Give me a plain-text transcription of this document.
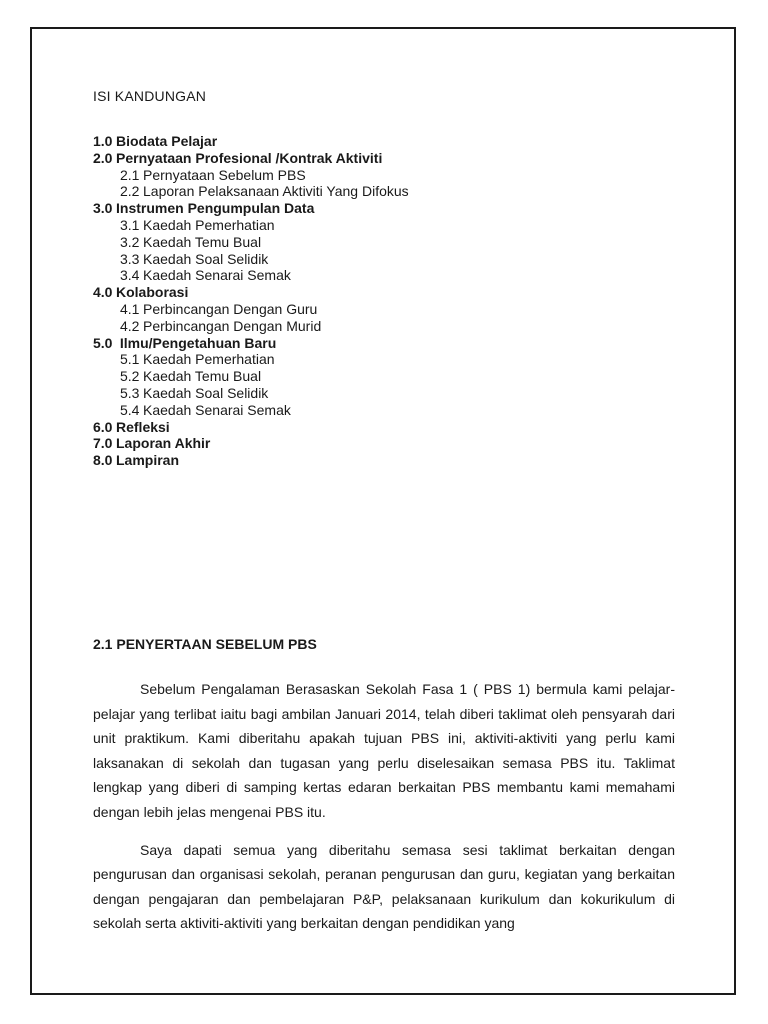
ISI KANDUNGAN
1.0 Biodata Pelajar
2.0 Pernyataan Profesional /Kontrak Aktiviti
2.1 Pernyataan Sebelum PBS
2.2 Laporan Pelaksanaan Aktiviti Yang Difokus
3.0 Instrumen Pengumpulan Data
3.1 Kaedah Pemerhatian
3.2 Kaedah Temu Bual
3.3 Kaedah Soal Selidik
3.4 Kaedah Senarai Semak
4.0 Kolaborasi
4.1 Perbincangan Dengan Guru
4.2 Perbincangan Dengan Murid
5.0 Ilmu/Pengetahuan Baru
5.1 Kaedah Pemerhatian
5.2 Kaedah Temu Bual
5.3 Kaedah Soal Selidik
5.4 Kaedah Senarai Semak
6.0 Refleksi
7.0 Laporan Akhir
8.0 Lampiran
2.1 PENYERTAAN SEBELUM PBS

Sebelum Pengalaman Berasaskan Sekolah Fasa 1 ( PBS 1) bermula kami pelajar-pelajar yang terlibat iaitu bagi ambilan Januari 2014, telah diberi taklimat oleh pensyarah dari unit praktikum. Kami diberitahu apakah tujuan PBS ini, aktiviti-aktiviti yang perlu kami laksanakan di sekolah dan tugasan yang perlu diselesaikan semasa PBS itu. Taklimat lengkap yang diberi di samping kertas edaran berkaitan PBS membantu kami memahami dengan lebih jelas mengenai PBS itu.

Saya dapati semua yang diberitahu semasa sesi taklimat berkaitan dengan pengurusan dan organisasi sekolah, peranan pengurusan dan guru, kegiatan yang berkaitan dengan pengajaran dan pembelajaran P&P, pelaksanaan kurikulum dan kokurikulum di sekolah serta aktiviti-aktiviti yang berkaitan dengan pendidikan yang
